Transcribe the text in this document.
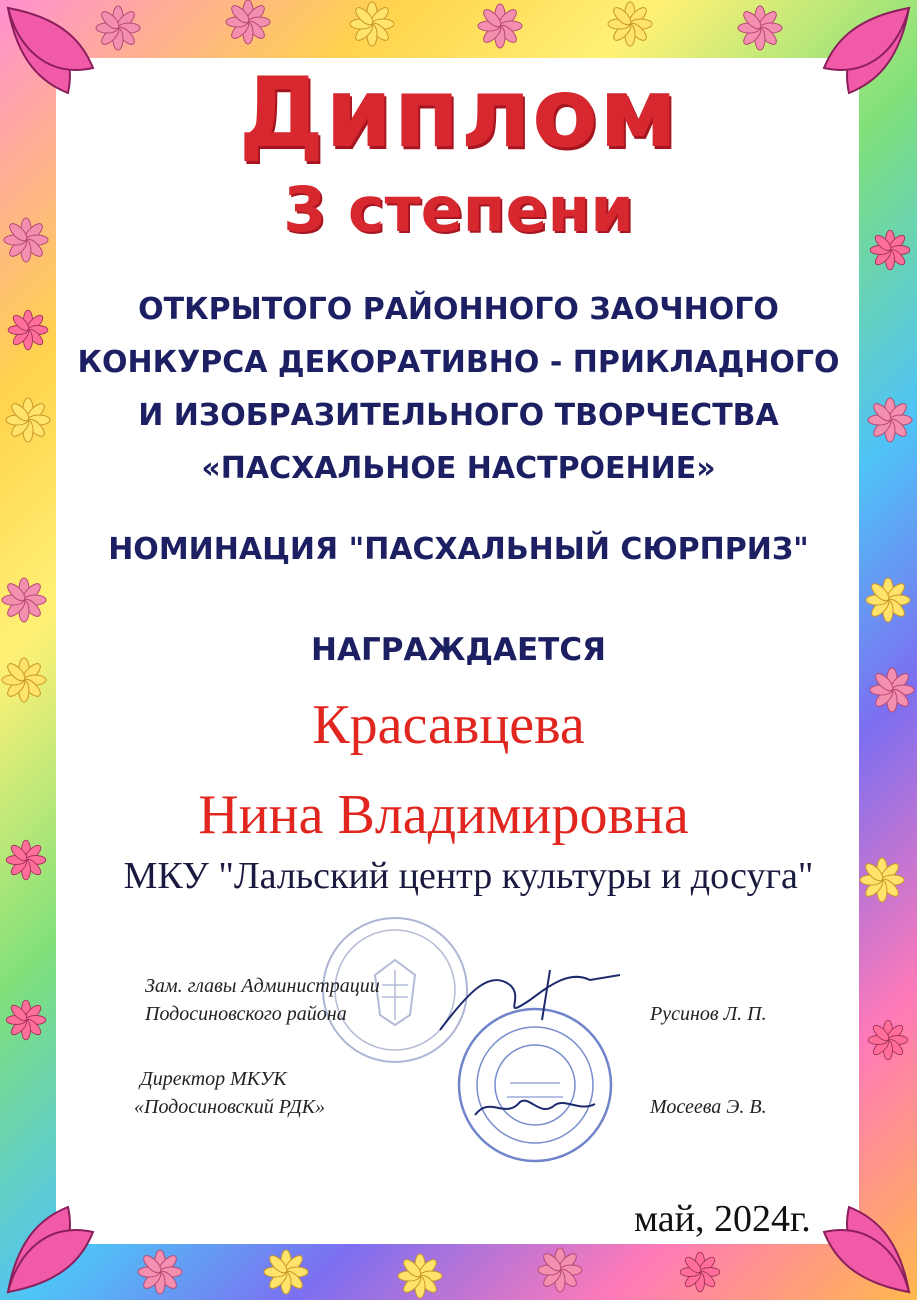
Диплом
3 степени
ОТКРЫТОГО РАЙОННОГО ЗАОЧНОГО
КОНКУРСА ДЕКОРАТИВНО - ПРИКЛАДНОГО
И ИЗОБРАЗИТЕЛЬНОГО ТВОРЧЕСТВА
«ПАСХАЛЬНОЕ НАСТРОЕНИЕ»
НОМИНАЦИЯ "ПАСХАЛЬНЫЙ СЮРПРИЗ"
НАГРАЖДАЕТСЯ
Красавцева
Нина Владимировна
МКУ "Лальский центр культуры и досуга"
Зам. главы Администрации
Подосиновского района	Русинов Л. П.
Директор МКУК
«Подосиновский РДК»	Мосеева Э. В.
май, 2024г.
